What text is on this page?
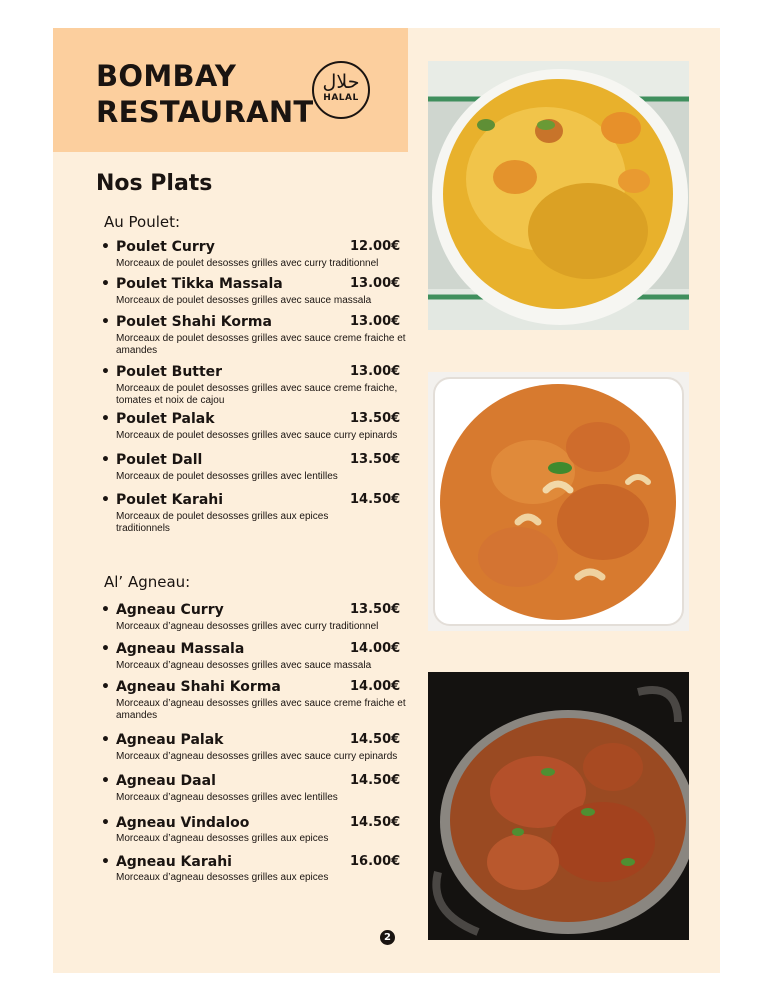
BOMBAY
RESTAURANT
حلال
HALAL
Nos Plats
Au Poulet:
• Poulet Curry	12.00€
Morceaux de poulet desosses grilles avec curry traditionnel
• Poulet Tikka Massala	13.00€
Morceaux de poulet desosses grilles avec sauce massala
• Poulet Shahi Korma	13.00€
Morceaux de poulet desosses grilles avec sauce creme fraiche et amandes
• Poulet Butter	13.00€
Morceaux de poulet desosses grilles avec sauce creme fraiche, tomates et noix de cajou
• Poulet Palak	13.50€
Morceaux de poulet desosses grilles avec sauce curry epinards
• Poulet Dall	13.50€
Morceaux de poulet desosses grilles avec lentilles
• Poulet Karahi	14.50€
Morceaux de poulet desosses grilles aux epices traditionnels
Al’ Agneau:
• Agneau Curry	13.50€
Morceaux d’agneau desosses grilles avec curry traditionnel
• Agneau Massala	14.00€
Morceaux d’agneau desosses grilles avec sauce massala
• Agneau Shahi Korma	14.00€
Morceaux d’agneau desosses grilles avec sauce creme fraiche et amandes
• Agneau Palak	14.50€
Morceaux d’agneau desosses grilles avec sauce curry epinards
• Agneau Daal	14.50€
Morceaux d’agneau desosses grilles avec lentilles
• Agneau Vindaloo	14.50€
Morceaux d’agneau desosses grilles aux epices
• Agneau Karahi	16.00€
Morceaux d’agneau desosses grilles aux epices
2
